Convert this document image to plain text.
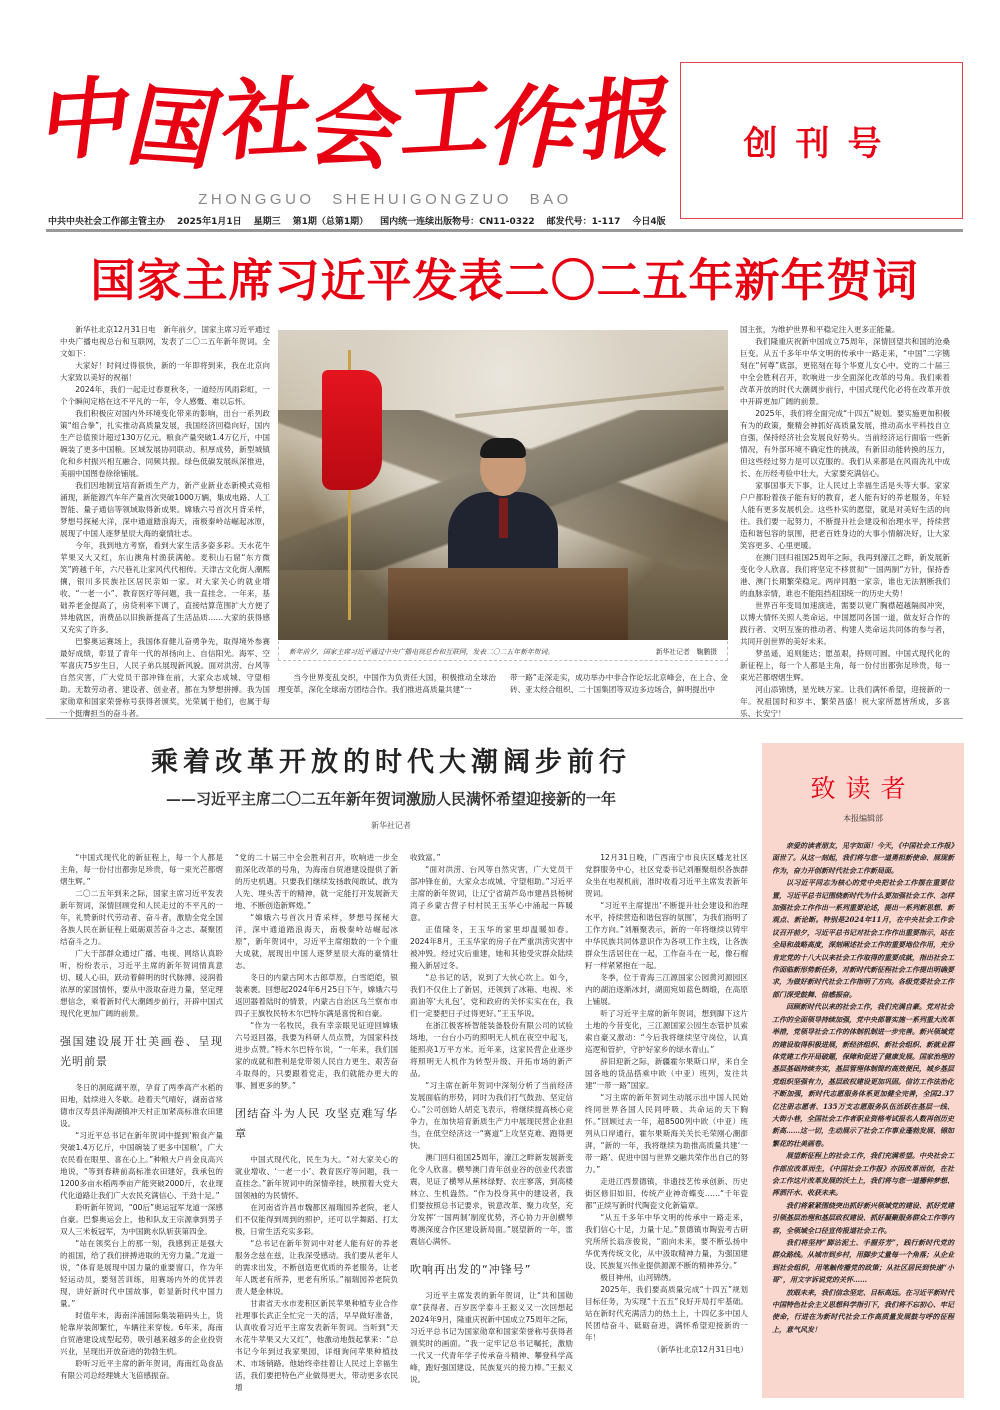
中
国
社
会
工
作
报
ZHONGGUO SHEHUIGONGZUO BAO
中共中央社会工作部主管主办 2025年1月1日 星期三 第1期（总第1期） 国内统一连续出版物号：CN11-0322 邮发代号：1-117 今日4版
创刊号
国家主席习近平发表二〇二五年新年贺词

新华社北京12月31日电　新年前夕，国家主席习近平通过中央广播电视总台和互联网，发表了二〇二五年新年贺词。全文如下：

大家好！时间过得很快，新的一年即将到来，我在北京向大家致以美好的祝福！

2024年，我们一起走过春夏秋冬，一道经历风雨彩虹，一个个瞬间定格在这不平凡的一年，令人感慨、难以忘怀。

我们积极应对国内外环境变化带来的影响，出台一系列政策“组合拳”，扎实推动高质量发展，我国经济回稳向好，国内生产总值预计超过130万亿元。粮食产量突破1.4万亿斤，中国碗装了更多中国粮。区域发展协同联动、积厚成势，新型城镇化和乡村振兴相互融合、同频共振。绿色低碳发展纵深推进，美丽中国图卷徐徐铺展。

我们因地制宜培育新质生产力，新产业新业态新模式竞相涌现，新能源汽车年产量首次突破1000万辆，集成电路、人工智能、量子通信等领域取得新成果。嫦娥六号首次月背采样，梦想号探秘大洋，深中通道踏浪海天，南极秦岭站崛起冰原，展现了中国人逐梦星辰大海的豪情壮志。

今年，我到地方考察，看到大家生活多姿多彩。天水花牛苹果又大又红，东山澳角村渔获满舱。麦积山石窟“东方微笑”跨越千年，六尺巷礼让家风代代相传。天津古文化街人潮熙攘，银川多民族社区居民亲如一家。对大家关心的就业增收、“一老一小”、教育医疗等问题，我一直挂念。一年来，基础养老金提高了，房贷利率下调了，直接结算范围扩大方便了异地就医，消费品以旧换新提高了生活品质……大家的获得感又充实了许多。

巴黎奥运赛场上，我国体育健儿奋勇争先，取得境外参赛最好成绩，彰显了青年一代的昂扬向上、自信阳光。海军、空军喜庆75岁生日，人民子弟兵展现新风貌。面对洪涝、台风等自然灾害，广大党员干部冲锋在前，大家众志成城、守望相助。无数劳动者、建设者、创业者，都在为梦想拼搏。我为国家勋章和国家荣誉称号获得者颁奖，光荣属于他们，也属于每一个挺膺担当的奋斗者。

新年前夕，国家主席习近平通过中央广播电视总台和互联网，发表二〇二五年新年贺词。	新华社记者　鞠鹏摄

当今世界变乱交织，中国作为负责任大国，积极推动全球治理变革，深化全球南方团结合作。我们推进高质量共建“一

带一路”走深走实，成功举办中非合作论坛北京峰会，在上合、金砖、亚太经合组织、二十国集团等双边多边场合，鲜明提出中

国主张，为维护世界和平稳定注入更多正能量。

我们隆重庆祝新中国成立75周年，深情回望共和国的沧桑巨变。从五千多年中华文明的传承中一路走来，“中国”二字镌刻在“何尊”底部，更铭刻在每个华夏儿女心中。党的二十届三中全会胜利召开，吹响进一步全面深化改革的号角。我们乘着改革开放的时代大潮阔步前行，中国式现代化必将在改革开放中开辟更加广阔的前景。

2025年，我们将全面完成“十四五”规划。要实施更加积极有为的政策，聚精会神抓好高质量发展，推动高水平科技自立自强，保持经济社会发展良好势头。当前经济运行面临一些新情况，有外部环境不确定性的挑战，有新旧动能转换的压力，但这些经过努力是可以克服的。我们从来都是在风雨洗礼中成长、在历经考验中壮大，大家要充满信心。

家事国事天下事，让人民过上幸福生活是头等大事。家家户户都盼着孩子能有好的教育，老人能有好的养老服务，年轻人能有更多发展机会。这些朴实的愿望，就是对美好生活的向往。我们要一起努力，不断提升社会建设和治理水平，持续营造和谐包容的氛围，把老百姓身边的大事小情解决好，让大家笑容更多、心里更暖。

在澳门回归祖国25周年之际，我再到濠江之畔，新发展新变化令人欣喜。我们将坚定不移贯彻“一国两制”方针，保持香港、澳门长期繁荣稳定。两岸同胞一家亲，谁也无法割断我们的血脉亲情，谁也不能阻挡祖国统一的历史大势！

世界百年变局加速演进，需要以宽广胸襟超越隔阂冲突，以博大情怀关照人类命运。中国愿同各国一道，做友好合作的践行者、文明互鉴的推动者、构建人类命运共同体的参与者，共同开创世界的美好未来。

梦虽遥，追则能达；愿虽艰，持则可圆。中国式现代化的新征程上，每一个人都是主角，每一份付出都弥足珍贵，每一束光芒都熠熠生辉。

河山添锦绣，星光映万家。让我们满怀希望，迎接新的一年。祝祖国时和岁丰、繁荣昌盛！祝大家所愿皆所成，多喜乐、长安宁！

乘着改革开放的时代大潮阔步前行
——习近平主席二〇二五年新年贺词激励人民满怀希望迎接新的一年
新华社记者

“中国式现代化的新征程上，每一个人都是主角，每一份付出都弥足珍贵，每一束光芒都熠熠生辉。”

二〇二五年到来之际，国家主席习近平发表新年贺词，深情回顾党和人民走过的不平凡的一年，礼赞新时代劳动者、奋斗者，激励全党全国各族人民在新征程上砥砺艰苦奋斗之志、凝聚团结奋斗之力。

广大干部群众通过广播、电视、网络认真聆听，纷纷表示，习近平主席的新年贺词情真意切、暖人心田，跃动着鲜明的时代脉搏、浸润着浓厚的家国情怀，要从中汲取奋进力量，坚定理想信念，乘着新时代大潮阔步前行，开辟中国式现代化更加广阔的前景。

强国建设展开壮美画卷、呈现光明前景

冬日的洞庭湖平原，孕育了两季高产水稻的田地，陆续进入冬歇。趁着天气晴好，湖南省常德市汉寿县洋淘湖镇冲天村正加紧高标准农田建设。

“习近平总书记在新年贺词中提到‘粮食产量突破1.4万亿斤，中国碗装了更多中国粮’，广大农民看在眼里、喜在心上。”种粮大户肖金良高兴地说，“等到春耕前高标准农田建好，我承包的1200多亩水稻两季亩产能突破2000斤，农业现代化道路让我们广大农民充满信心、干劲十足。”

聆听新年贺词，“00后”奥运冠军龙道一深感自豪。巴黎奥运会上，他和队友王宗源拿到男子双人三米板冠军，为中国跳水队斩获第四金。

“站在领奖台上的那一刻，我感到正是强大的祖国，给了我们拼搏进取的无穷力量。”龙道一说，“体育是展现中国力量的重要窗口，作为年轻运动员，要刻苦训练，用赛场内外的优异表现，讲好新时代中国故事，彰显新时代中国力量。”

时值年末，海南洋浦国际集装箱码头上，货轮靠岸装卸繁忙，车辆往来穿梭。6年来，海南自贸港建设成型起势，吸引越来越多的企业投资兴业，呈现出开放奋进的勃勃生机。

聆听习近平主席的新年贺词，海南红岛食品有限公司总经理姚大飞倍感振奋。

“党的二十届三中全会胜利召开，吹响进一步全面深化改革的号角，为海南自贸港建设提供了新的历史机遇。只要我们继续发扬敢闯敢试、敢为人先、埋头苦干的精神，就一定能打开发展新天地、不断创造新辉煌。”

“嫦娥六号首次月背采样，梦想号探秘大洋，深中通道踏浪海天，南极秦岭站崛起冰原”，新年贺词中，习近平主席细数的一个个重大成就，展现出中国人逐梦星辰大海的豪情壮志。

冬日的内蒙古阿木古郎草原，白雪皑皑，银装素裹。回想起2024年6月25日下午，嫦娥六号返回器着陆时的情景，内蒙古自治区乌兰察布市四子王旗牧民特木尔巴特尔满是喜悦和自豪。

“作为一名牧民，我有幸亲眼见证迎回嫦娥六号返回器，我要为科研人员点赞，为国家科技进步点赞。”特木尔巴特尔说，“一年来，我们国家的成就和胜利是党带领人民自力更生、艰苦奋斗取得的，只要跟着党走，我们就能办更大的事、圆更多的梦。”

团结奋斗为人民 攻坚克难写华章

中国式现代化，民生为大。“对大家关心的就业增收、‘一老一小’、教育医疗等问题，我一直挂念。”新年贺词中的深情牵挂，映照着大党大国领袖的为民情怀。

在河南省许昌市魏都区福瑞园养老院，老人们不仅能得到周到的照护，还可以学舞蹈、打太极，日常生活充实多彩。

“总书记在新年贺词中对老人能有好的养老服务念兹在兹，让我深受感动。我们要从老年人的需求出发，不断创造更优质的养老服务，让老年人既老有所养，更老有所乐。”福瑞园养老院负责人楚金林说。

甘肃省天水市麦积区新民苹果种植专业合作社理事长武正全忙完一天的活，早早做好准备，认真收看习近平主席发表新年贺词。当听到“天水花牛苹果又大又红”，他激动地鼓起掌来：“总书记今年到过我家果园，详细询问苹果种植技术、市场销路。他始终牵挂着让人民过上幸福生活，我们要把特色产业做得更大，带动更多农民增

收致富。”

“面对洪涝、台风等自然灾害，广大党员干部冲锋在前，大家众志成城、守望相助。”习近平主席的新年贺词，让辽宁省葫芦岛市建昌县杨树湾子乡蒙古营子村村民王玉华心中涌起一阵暖意。

正值隆冬，王玉华的家里却温暖如春。2024年8月，王玉华家的房子在严重洪涝灾害中被冲毁。经过灾后重建，她和其他受灾群众陆续搬入新居过冬。

“总书记的话，说到了大伙心坎上。如今，我们不仅住上了新居，还领到了冰箱、电视、米面油等‘大礼包’，党和政府的关怀实实在在，我们一定要把日子过得更好。”王玉华说。

在浙江极客桥智能装备股份有限公司的试验场地，一台台小巧的照明无人机在夜空中起飞，能照亮1万平方米。近年来，这家民营企业逐步将照明无人机作为转型升级、开拓市场的新产品。

“习主席在新年贺词中深刻分析了当前经济发展面临的形势，同时为我们打气鼓劲、坚定信心。”公司创始人胡克飞表示，将继续提高核心竞争力，在加快培育新质生产力中展现民营企业担当，在低空经济这一“赛道”上攻坚克难、跑得更快。

澳门回归祖国25周年，濠江之畔新发展新变化令人欣喜。横琴澳门青年创业谷的创业代表雷震，见证了横琴从蕉林绿野、农庄寥落，到高楼林立、生机盎然。“作为投身其中的建设者，我们要按照总书记要求，锐意改革、聚力攻坚，充分发挥‘一国两制’制度优势，齐心协力开创横琴粤澳深度合作区建设新局面。”展望新的一年，雷震信心满怀。

吹响再出发的“冲锋号”

习近平主席发表的新年贺词，让“共和国勋章”获得者、百岁医学泰斗王振义又一次回想起2024年9月，隆重庆祝新中国成立75周年之际，习近平总书记为国家勋章和国家荣誉称号获得者颁奖时的画面。“我一定牢记总书记嘱托，激励一代又一代青年学子传承奋斗精神、攀登科学高峰，跑好强国建设、民族复兴的接力棒。”王振义说。

12月31日晚，广西南宁市良庆区蟠龙社区党群服务中心，社区党委书记刘雁聚组织各族群众坐在电视机前，准时收看习近平主席发表新年贺词。

“习近平主席提出‘不断提升社会建设和治理水平，持续营造和谐包容的氛围’，为我们指明了工作方向。”刘雁聚表示，新的一年将继续以铸牢中华民族共同体意识作为各项工作主线，让各族群众生活居住在一起，工作奋斗在一起，像石榴籽一样紧紧抱在一起。

冬季，位于青海三江源国家公园黄河源园区内的湖泊逐渐冰封，湖面宛如蓝色绸缎，在高原上铺展。

听了习近平主席的新年贺词，想到脚下这片土地的今昔变化，三江源国家公园生态管护员索索自豪又激动：“今后我将继续坚守岗位，认真巡逻和管护，守护好家乡的绿水青山。”

辞旧迎新之际，新疆霍尔果斯口岸，来自全国各地的货品搭乘中欧（中亚）班列，发往共建“一带一路”国家。

“习主席的新年贺词生动展示出中国人民始终同世界各国人民同呼吸、共命运的天下胸怀。”回顾过去一年，超8500列中欧（中亚）班列从口岸通行，霍尔果斯海关关长毛荣刚心潮澎湃，“新的一年，我将继续为助推高质量共建‘一带一路’、促进中国与世界交融共荣作出自己的努力。”

走进江西景德镇，非遗技艺传承创新、历史街区修旧如旧、传统产业神奇蝶变……“千年瓷都”正续写新时代陶瓷文化新篇章。

“从五千多年中华文明的传承中一路走来，我们信心十足，力量十足。”景德镇市陶瓷考古研究所所长翁彦俊说，“面向未来，要不断弘扬中华优秀传统文化，从中汲取精神力量，为强国建设、民族复兴伟业提供源源不断的精神养分。”

极目神州，山河锦绣。

2025年，我们要高质量完成“十四五”规划目标任务，为实现“十五五”良好开局打牢基础。站在新时代充满活力的热土上，十四亿多中国人民团结奋斗、砥砺奋进，满怀希望迎接新的一年！

（新华社北京12月31日电）

致读者
本报编辑部

亲爱的读者朋友，见字如面！今天，《中国社会工作报》面世了。从这一刻起，我们将与您一道勇担新使命、展现新作为，奋力开创新时代社会工作新局面。

以习近平同志为核心的党中央把社会工作摆在重要位置，习近平总书记围绕新时代为什么要加强社会工作、怎样加强社会工作作出一系列重要论述，提出一系列新思想、新观点、新论断。特别是2024年11月，在中央社会工作会议召开前夕，习近平总书记对社会工作作出重要指示，站在全局和战略高度，深刻阐述社会工作的重要地位作用，充分肯定党的十八大以来社会工作取得的重要成就，指出社会工作面临新形势新任务，对新时代新征程社会工作提出明确要求，为做好新时代社会工作指明了方向。各级党委社会工作部门深受鼓舞、倍感振奋。

回顾新时代以来的社会工作，我们充满自豪。党对社会工作的全面领导持续加强，党中央部署实施一系列重大改革举措，党领导社会工作的体制机制进一步完善。新兴领域党的建设取得积极进展，新经济组织、新社会组织、新就业群体党建工作开局破题，保障和促进了健康发展。国家治理的基层基础持续夯实，基层管理体制简约高效便民，城乡基层党组织坚强有力，基层政权建设更加巩固。信访工作法治化不断加强，新时代志愿服务体系更加健全完善，全国2.37亿注册志愿者、135万支志愿服务队伍活跃在基层一线、大街小巷，全国社会工作者职业资格考试报名人数再创历史新高……这一切，生动展示了社会工作事业蓬勃发展、锦如繁花的壮美画卷。

展望新征程上的社会工作，我们充满希望。中央社会工作部应改革而生，《中国社会工作报》亦因改革而创，在社会工作这片改革发展的沃土上，我们将与您一道播种梦想、挥洒汗水、收获未来。

我们将紧紧围绕突出抓好新兴领域党的建设、抓好党建引领基层治理和基层政权建设、抓好凝聚服务群众工作等内容，全领域全口径宣传报道社会工作。

我们将坚持“脚沾泥土、手握芬芳”，践行新时代党的群众路线。从城市到乡村，用脚步丈量每一个角落；从企业到社会组织，用笔触传播党的政策；从社区居民到快递“小哥”，用文字诉说党的关怀……

放眼未来，我们信念坚定、目标高远。在习近平新时代中国特色社会主义思想科学指引下，我们将不忘初心、牢记使命，行进在为新时代社会工作高质量发展鼓与呼的征程上，意气风发！
